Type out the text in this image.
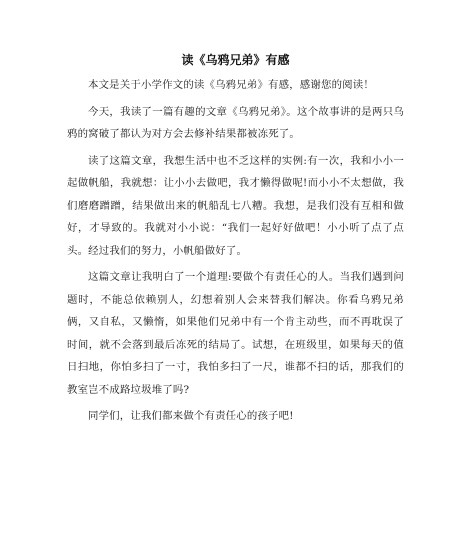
读《乌鸦兄弟》有感

本文是关于小学作文的读《乌鸦兄弟》有感，感谢您的阅读！

今天，我读了一篇有趣的文章《乌鸦兄弟》。这个故事讲的是两只乌鸦的窝破了都认为对方会去修补结果都被冻死了。

读了这篇文章，我想生活中也不乏这样的实例:有一次，我和小小一起做帆船，我就想：让小小去做吧，我才懒得做呢!而小小不太想做，我们磨磨蹭蹭，结果做出来的帆船乱七八糟。我想，是我们没有互相和做好，才导致的。我就对小小说：“我们一起好好做吧！小小听了点了点头。经过我们的努力，小帆船做好了。

这篇文章让我明白了一个道理:要做个有责任心的人。当我们遇到问题时，不能总依赖别人，幻想着别人会来替我们解决。你看乌鸦兄弟俩，又自私，又懒惰，如果他们兄弟中有一个肯主动些，而不再耽误了时间，就不会落到最后冻死的结局了。试想，在班级里，如果每天的值日扫地，你怕多扫了一寸，我怕多扫了一尺，谁都不扫的话，那我们的教室岂不成路垃圾堆了吗?

同学们，让我们都来做个有责任心的孩子吧!
